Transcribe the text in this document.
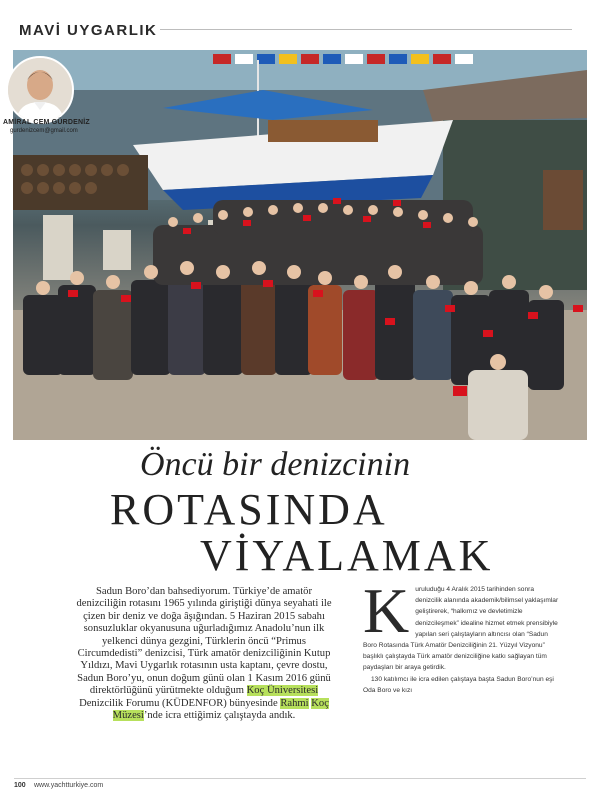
MAVİ UYGARLIK
AMİRAL CEM GÜRDENİZ
gurdenizcem@gmail.com
Öncü bir denizcinin
ROTASINDA
VİYALAMAK

Sadun Boro’dan bahsediyorum. Türkiye’de amatör denizciliğin rotasını 1965 yılında giriştiği dünya seyahati ile çizen bir deniz ve doğa âşığından. 5 Haziran 2015 sabahı sonsuzluklar okyanusuna uğurladığımız Anadolu’nun ilk yelkenci dünya gezgini, Türklerin öncü “Primus Circumdedisti” denizcisi, Türk amatör denizciliğinin Kutup Yıldızı, Mavi Uygarlık rotasının usta kaptanı, çevre dostu, Sadun Boro’yu, onun doğum günü olan 1 Kasım 2016 günü direktörlüğünü yürütmekte olduğum Koç Üniversitesi Denizcilik Forumu (KÜDENFOR) bünyesinde Rahmi Koç
Müzesi’nde icra ettiğimiz çalıştayda andık.

K uruluduğu 4 Aralık 2015 tarihinden sonra denizcilik alanında akademik/bilimsel yaklaşımlar geliştirerek, “halkımız ve devletimizle denizcileşmek” idealine hizmet etmek prensibiyle yapılan seri çalıştayların altıncısı olan “Sadun Boro Rotasında Türk Amatör Denizciliğinin 21. Yüzyıl Vizyonu” başlıklı çalıştayda Türk amatör denizciliğine katkı sağlayan tüm paydaşları bir araya getirdik.

130 katılımcı ile icra edilen çalıştaya başta Sadun Boro’nun eşi Oda Boro ve kızı

100 www.yachtturkiye.com
